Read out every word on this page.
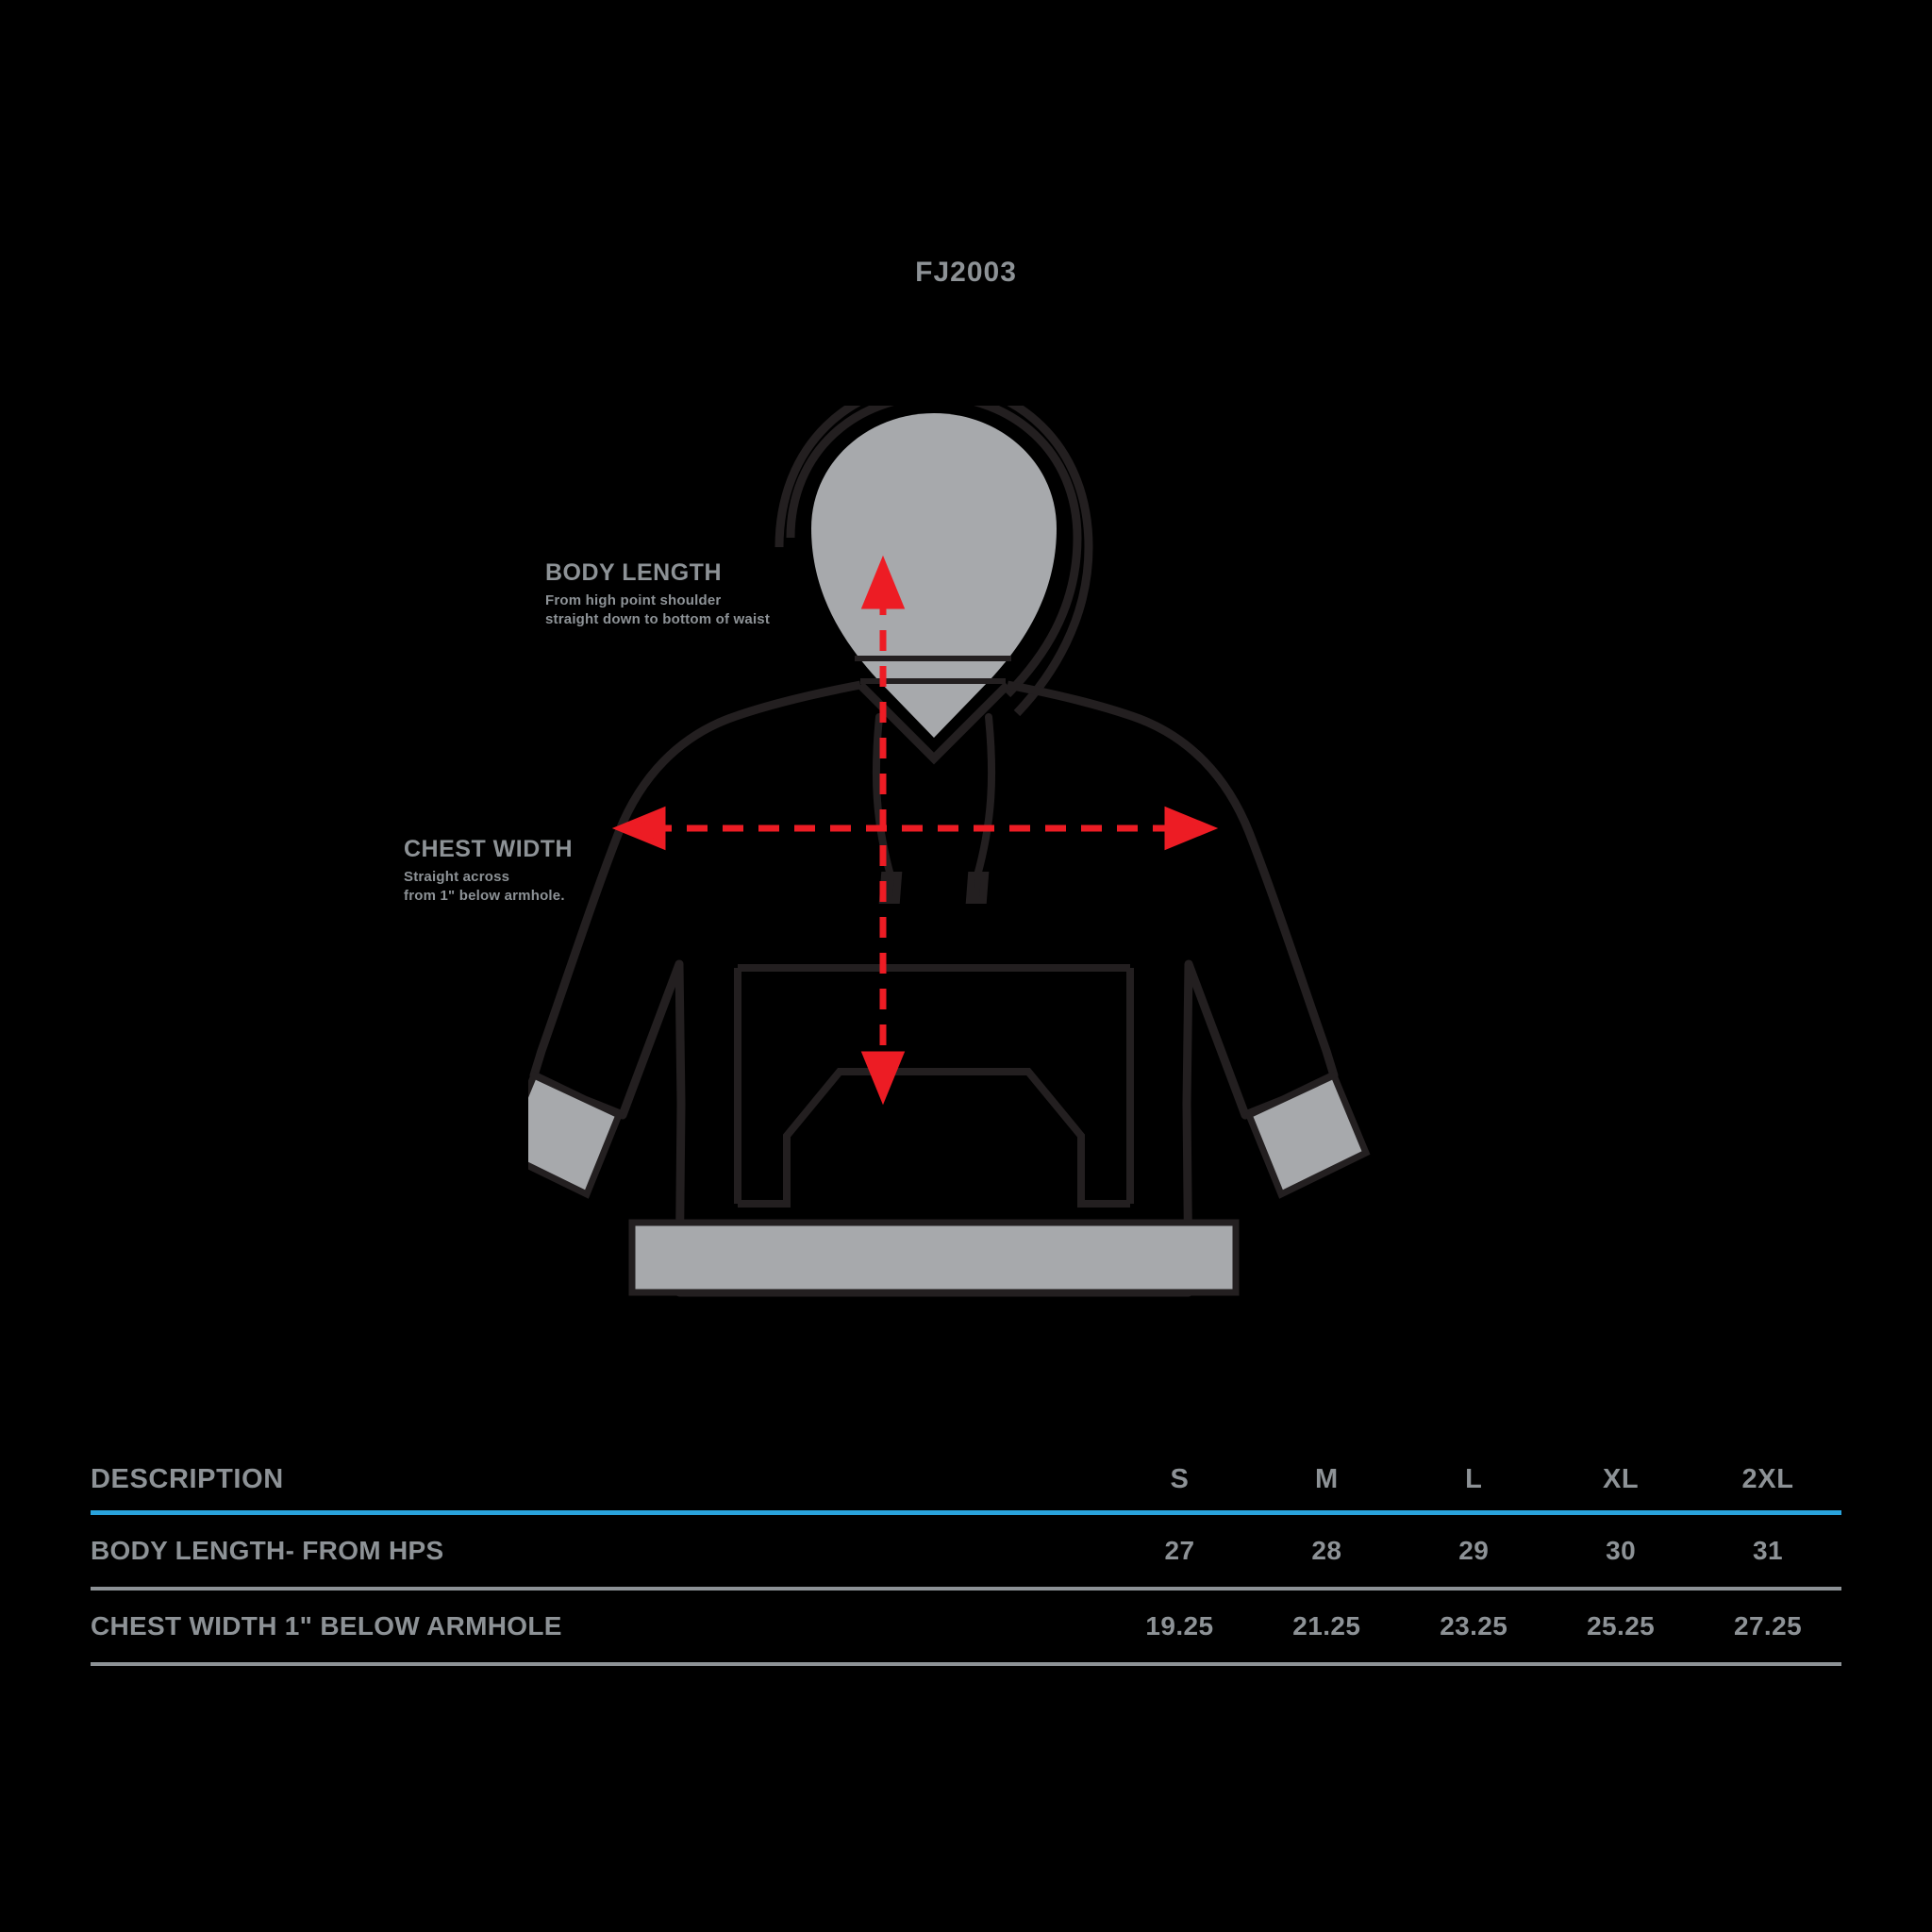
FJ2003
BODY LENGTH
From high point shoulder
straight down to bottom of waist
CHEST WIDTH
Straight across
from 1" below armhole.
DESCRIPTION	S	M	L	XL	2XL

BODY LENGTH- FROM HPS	27	28	29	30	31

CHEST WIDTH 1" BELOW ARMHOLE	19.25	21.25	23.25	25.25	27.25
